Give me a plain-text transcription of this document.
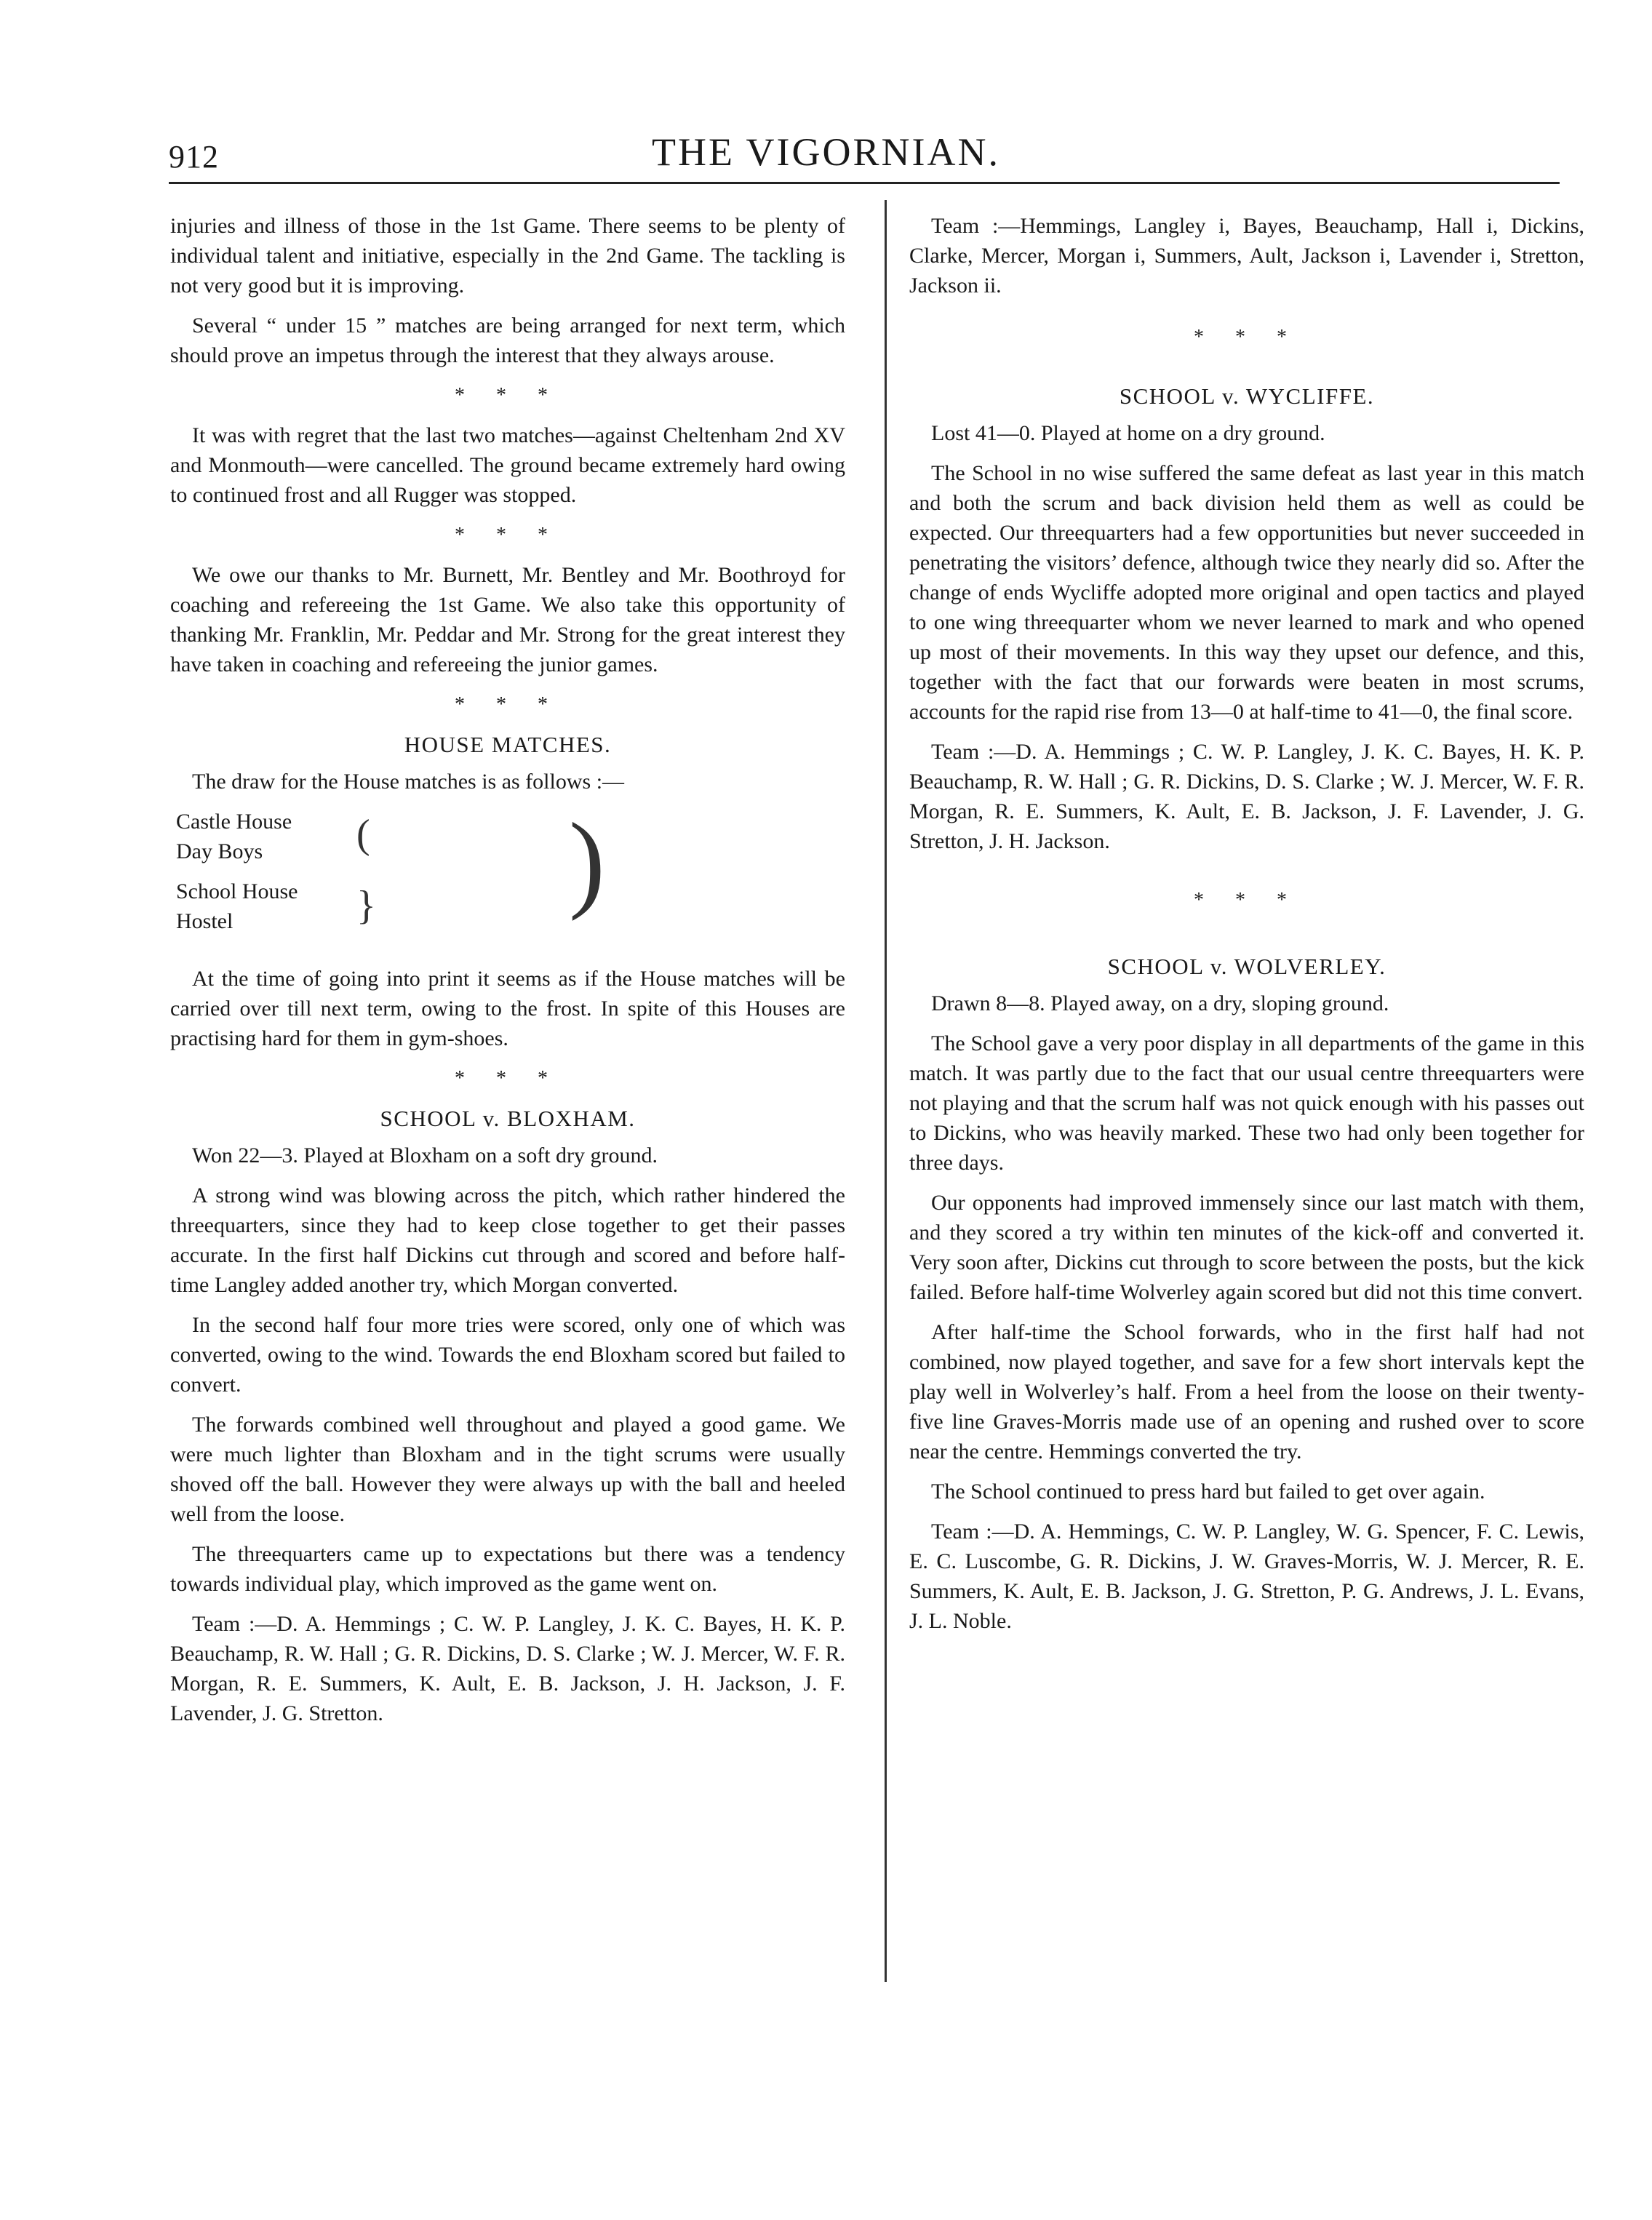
912	THE VIGORNIAN.

injuries and illness of those in the 1st Game. There seems to be plenty of individual talent and initiative, especially in the 2nd Game. The tackling is not very good but it is improving.

Several “ under 15 ” matches are being arranged for next term, which should prove an impetus through the interest that they always arouse.

* * *

It was with regret that the last two matches—against Cheltenham 2nd XV and Monmouth—were cancelled. The ground became extremely hard owing to continued frost and all Rugger was stopped.

* * *

We owe our thanks to Mr. Burnett, Mr. Bentley and Mr. Boothroyd for coaching and refereeing the 1st Game. We also take this opportunity of thanking Mr. Franklin, Mr. Peddar and Mr. Strong for the great interest they have taken in coaching and refereeing the junior games.

* * *
HOUSE MATCHES.

The draw for the House matches is as follows :—

Castle House
Day Boys
School House
Hostel
(
} )

At the time of going into print it seems as if the House matches will be carried over till next term, owing to the frost. In spite of this Houses are practising hard for them in gym-shoes.

* * *
SCHOOL v. BLOXHAM.

Won 22—3. Played at Bloxham on a soft dry ground.

A strong wind was blowing across the pitch, which rather hindered the threequarters, since they had to keep close together to get their passes accurate. In the first half Dickins cut through and scored and before half-time Langley added another try, which Morgan converted.

In the second half four more tries were scored, only one of which was converted, owing to the wind. Towards the end Bloxham scored but failed to convert.

The forwards combined well throughout and played a good game. We were much lighter than Bloxham and in the tight scrums were usually shoved off the ball. However they were always up with the ball and heeled well from the loose.

The threequarters came up to expectations but there was a tendency towards individual play, which improved as the game went on.

Team :—D. A. Hemmings ; C. W. P. Langley, J. K. C. Bayes, H. K. P. Beauchamp, R. W. Hall ; G. R. Dickins, D. S. Clarke ; W. J. Mercer, W. F. R. Morgan, R. E. Summers, K. Ault, E. B. Jackson, J. H. Jackson, J. F. Lavender, J. G. Stretton.

Team :—Hemmings, Langley i, Bayes, Beauchamp, Hall i, Dickins, Clarke, Mercer, Morgan i, Summers, Ault, Jackson i, Lavender i, Stretton, Jackson ii.

* * *
SCHOOL v. WYCLIFFE.

Lost 41—0. Played at home on a dry ground.

The School in no wise suffered the same defeat as last year in this match and both the scrum and back division held them as well as could be expected. Our threequarters had a few opportunities but never succeeded in penetrating the visitors’ defence, although twice they nearly did so. After the change of ends Wycliffe adopted more original and open tactics and played to one wing threequarter whom we never learned to mark and who opened up most of their movements. In this way they upset our defence, and this, together with the fact that our forwards were beaten in most scrums, accounts for the rapid rise from 13—0 at half-time to 41—0, the final score.

Team :—D. A. Hemmings ; C. W. P. Langley, J. K. C. Bayes, H. K. P. Beauchamp, R. W. Hall ; G. R. Dickins, D. S. Clarke ; W. J. Mercer, W. F. R. Morgan, R. E. Summers, K. Ault, E. B. Jackson, J. F. Lavender, J. G. Stretton, J. H. Jackson.

* * *
SCHOOL v. WOLVERLEY.

Drawn 8—8. Played away, on a dry, sloping ground.

The School gave a very poor display in all departments of the game in this match. It was partly due to the fact that our usual centre threequarters were not playing and that the scrum half was not quick enough with his passes out to Dickins, who was heavily marked. These two had only been together for three days.

Our opponents had improved immensely since our last match with them, and they scored a try within ten minutes of the kick-off and converted it. Very soon after, Dickins cut through to score between the posts, but the kick failed. Before half-time Wolverley again scored but did not this time convert.

After half-time the School forwards, who in the first half had not combined, now played together, and save for a few short intervals kept the play well in Wolverley’s half. From a heel from the loose on their twenty-five line Graves-Morris made use of an opening and rushed over to score near the centre. Hemmings converted the try.

The School continued to press hard but failed to get over again.

Team :—D. A. Hemmings, C. W. P. Langley, W. G. Spencer, F. C. Lewis, E. C. Luscombe, G. R. Dickins, J. W. Graves-Morris, W. J. Mercer, R. E. Summers, K. Ault, E. B. Jackson, J. G. Stretton, P. G. Andrews, J. L. Evans, J. L. Noble.
